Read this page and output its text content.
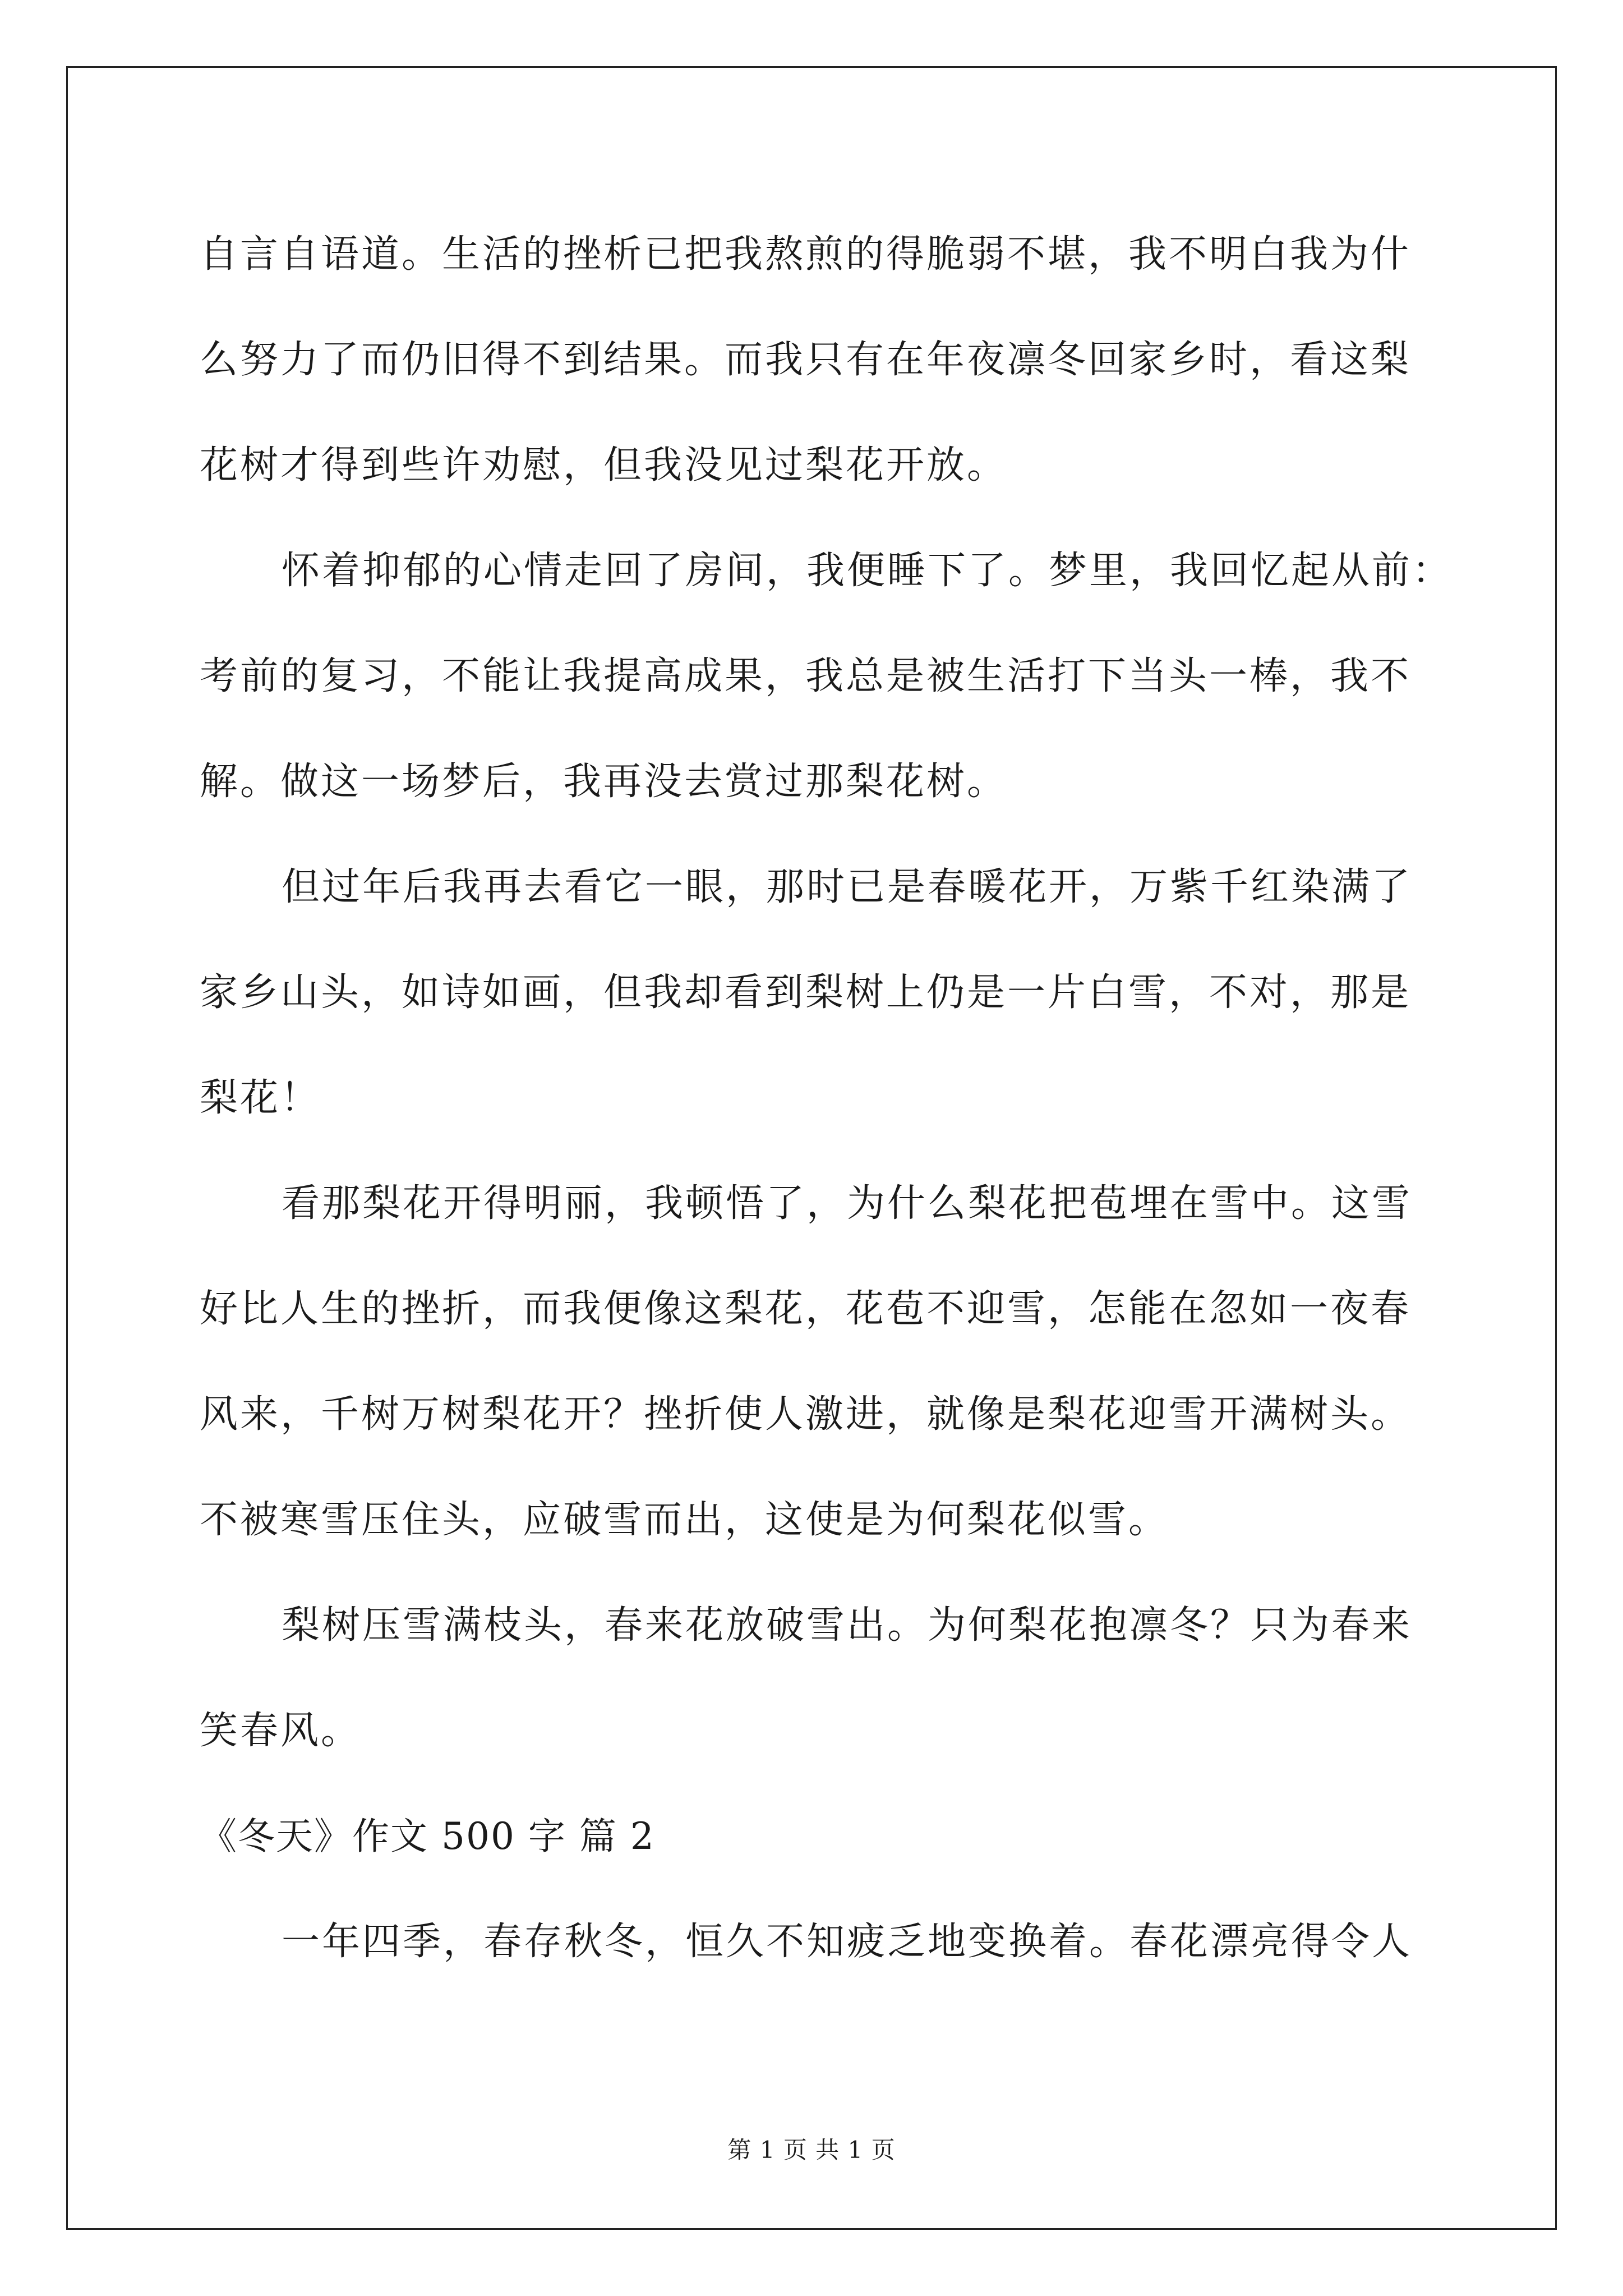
自言自语道。生活的挫析已把我熬煎的得脆弱不堪，我不明白我为什
么努力了而仍旧得不到结果。而我只有在年夜凛冬回家乡时，看这梨
花树才得到些许劝慰，但我没见过梨花开放。

怀着抑郁的心情走回了房间，我便睡下了。梦里，我回忆起从前：
考前的复习，不能让我提高成果，我总是被生活打下当头一棒，我不
解。做这一场梦后，我再没去赏过那梨花树。

但过年后我再去看它一眼，那时已是春暖花开，万紫千红染满了
家乡山头，如诗如画，但我却看到梨树上仍是一片白雪，不对，那是
梨花！

看那梨花开得明丽，我顿悟了，为什么梨花把苞埋在雪中。这雪
好比人生的挫折，而我便像这梨花，花苞不迎雪，怎能在忽如一夜春
风来，千树万树梨花开？挫折使人激进，就像是梨花迎雪开满树头。
不被寒雪压住头，应破雪而出，这使是为何梨花似雪。

梨树压雪满枝头，春来花放破雪出。为何梨花抱凛冬？只为春来
笑春风。

《冬天》作文 500 字 篇 2

一年四季，春存秋冬，恒久不知疲乏地变换着。春花漂亮得令人

第 1 页 共 1 页
